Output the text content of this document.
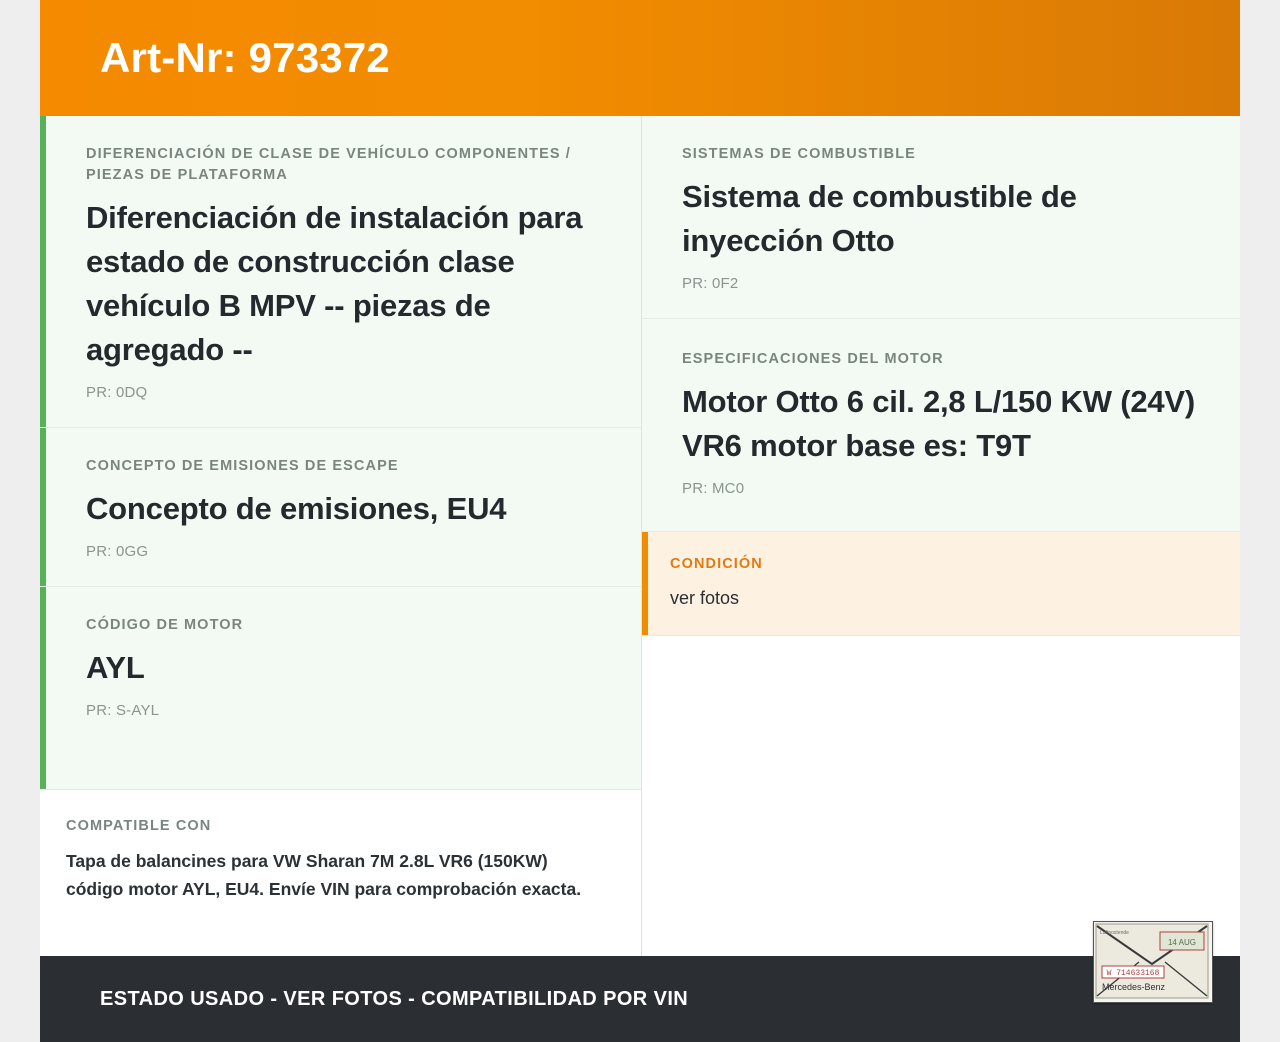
Art-Nr: 973372
DIFERENCIACIÓN DE CLASE DE VEHÍCULO COMPONENTES / PIEZAS DE PLATAFORMA
Diferenciación de instalación para estado de construcción clase vehículo B MPV -- piezas de agregado --
PR: 0DQ
CONCEPTO DE EMISIONES DE ESCAPE
Concepto de emisiones, EU4
PR: 0GG
CÓDIGO DE MOTOR
AYL
PR: S-AYL
COMPATIBLE CON
Tapa de balancines para VW Sharan 7M 2.8L VR6 (150KW) código motor AYL, EU4. Envíe VIN para comprobación exacta.
SISTEMAS DE COMBUSTIBLE
Sistema de combustible de inyección Otto
PR: 0F2
ESPECIFICACIONES DEL MOTOR
Motor Otto 6 cil. 2,8 L/150 KW (24V) VR6 motor base es: T9T
PR: MC0
CONDICIÓN
ver fotos
ESTADO USADO - VER FOTOS - COMPATIBILIDAD POR VIN
14 AUG
W 714633168
Mercedes-Benz
Luftpostende
